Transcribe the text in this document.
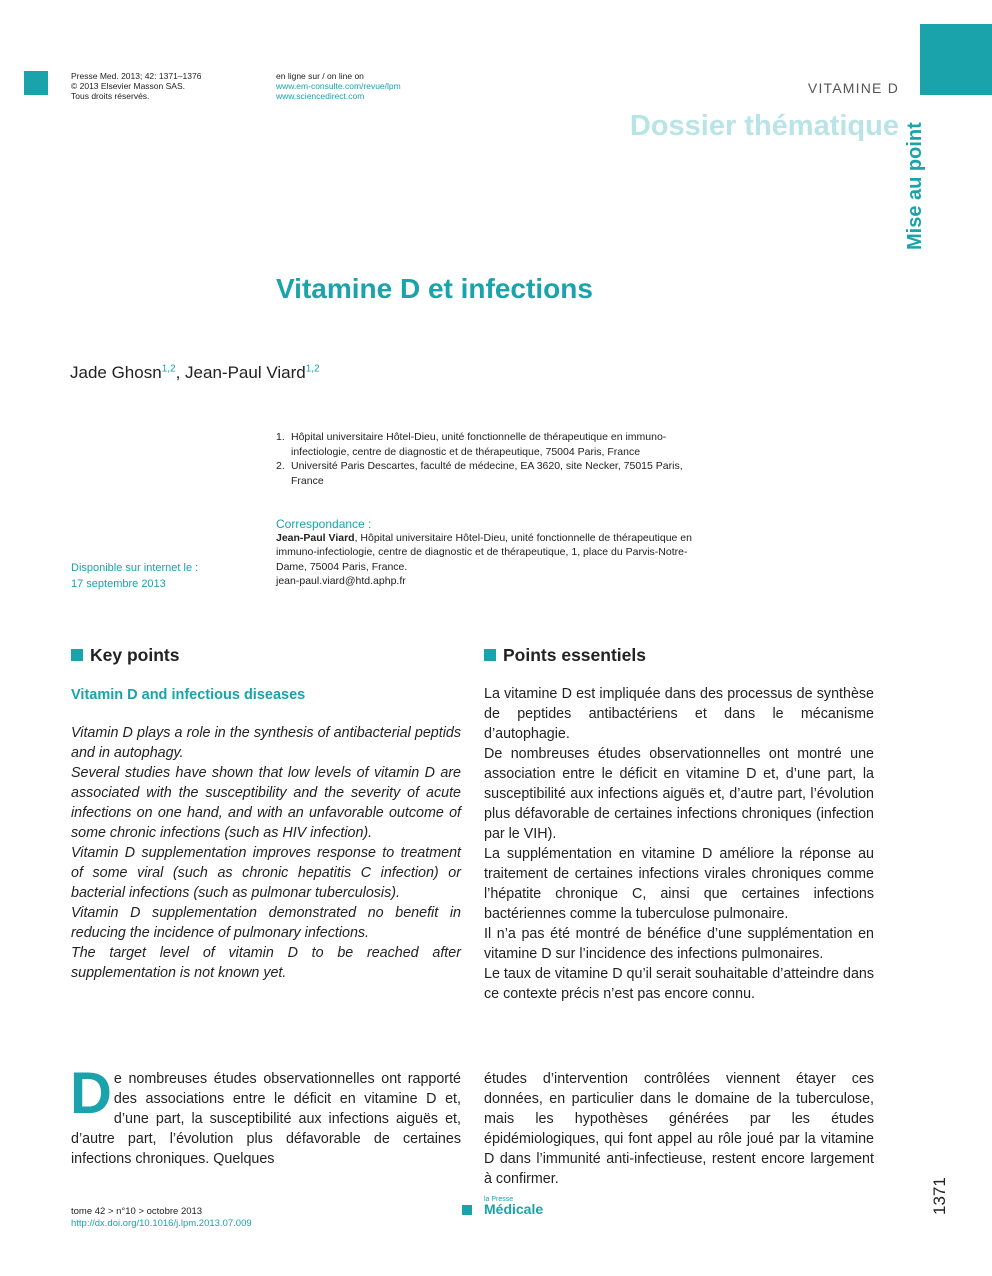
Presse Med. 2013; 42: 1371–1376
© 2013 Elsevier Masson SAS.
Tous droits réservés.
en ligne sur / on line on
www.em-consulte.com/revue/lpm
www.sciencedirect.com	VITAMINE D
Dossier thématique Mise au point
Vitamine D et infections
Jade Ghosn$^{1,2}$, Jean-Paul Viard$^{1,2}$
1. Hôpital universitaire Hôtel-Dieu, unité fonctionnelle de thérapeutique en immuno-infectiologie, centre de diagnostic et de thérapeutique, 75004 Paris, France
2. Université Paris Descartes, faculté de médecine, EA 3620, site Necker, 75015 Paris, France
Correspondance :
Jean-Paul Viard, Hôpital universitaire Hôtel-Dieu, unité fonctionnelle de thérapeutique en immuno-infectiologie, centre de diagnostic et de thérapeutique, 1, place du Parvis-Notre-Dame, 75004 Paris, France.
jean-paul.viard@htd.aphp.fr
Disponible sur internet le :
17 septembre 2013
Key points	Points essentiels
Vitamin D and infectious diseases

Vitamin D plays a role in the synthesis of antibacterial peptids and in autophagy.

Several studies have shown that low levels of vitamin D are associated with the susceptibility and the severity of acute infections on one hand, and with an unfavorable outcome of some chronic infections (such as HIV infection).

Vitamin D supplementation improves response to treatment of some viral (such as chronic hepatitis C infection) or bacterial infections (such as pulmonar tuberculosis).

Vitamin D supplementation demonstrated no benefit in reducing the incidence of pulmonary infections.

The target level of vitamin D to be reached after supplementation is not known yet.

La vitamine D est impliquée dans des processus de synthèse de peptides antibactériens et dans le mécanisme d’autophagie.

De nombreuses études observationnelles ont montré une association entre le déficit en vitamine D et, d’une part, la susceptibilité aux infections aiguës et, d’autre part, l’évolution plus défavorable de certaines infections chroniques (infection par le VIH).

La supplémentation en vitamine D améliore la réponse au traitement de certaines infections virales chroniques comme l’hépatite chronique C, ainsi que certaines infections bactériennes comme la tuberculose pulmonaire.

Il n’a pas été montré de bénéfice d’une supplémentation en vitamine D sur l’incidence des infections pulmonaires.

Le taux de vitamine D qu’il serait souhaitable d’atteindre dans ce contexte précis n’est pas encore connu.

De nombreuses études observationnelles ont rapporté des associations entre le déficit en vitamine D et, d’une part, la susceptibilité aux infections aiguës et, d’autre part, l’évolution plus défavorable de certaines infections chroniques. Quelques
études d’intervention contrôlées viennent étayer ces données, en particulier dans le domaine de la tuberculose, mais les hypothèses générées par les études épidémiologiques, qui font appel au rôle joué par la vitamine D dans l’immunité anti-infectieuse, restent encore largement à confirmer.
tome 42 > n°10 > octobre 2013
http://dx.doi.org/10.1016/j.lpm.2013.07.009
la Presse
Médicale	1371
